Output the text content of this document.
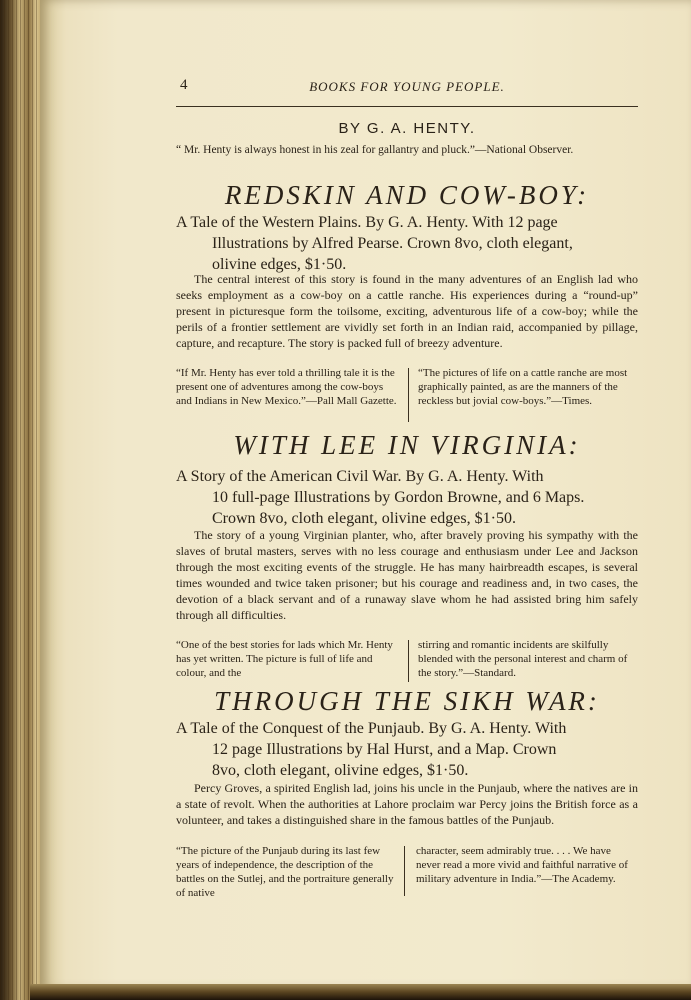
4	BOOKS FOR YOUNG PEOPLE.
BY G. A. HENTY.
“ Mr. Henty is always honest in his zeal for gallantry and pluck.”—National Observer.
REDSKIN AND COW-BOY:
A Tale of the Western Plains. By G. A. Henty. With 12 page
Illustrations by Alfred Pearse. Crown 8vo, cloth elegant,
olivine edges, $1·50.
The central interest of this story is found in the many adventures of an English lad who seeks employment as a cow-boy on a cattle ranche. His experiences during a “round-up” present in picturesque form the toilsome, exciting, adventurous life of a cow-boy; while the perils of a frontier settlement are vividly set forth in an Indian raid, accompanied by pillage, capture, and recapture. The story is packed full of breezy adventure.
“If Mr. Henty has ever told a thrilling tale it is the present one of adventures among the cow-boys and Indians in New Mexico.”—Pall Mall Gazette.
“The pictures of life on a cattle ranche are most graphically painted, as are the manners of the reckless but jovial cow-boys.”—Times.
WITH LEE IN VIRGINIA:
A Story of the American Civil War. By G. A. Henty. With
10 full-page Illustrations by Gordon Browne, and 6 Maps.
Crown 8vo, cloth elegant, olivine edges, $1·50.
The story of a young Virginian planter, who, after bravely proving his sympathy with the slaves of brutal masters, serves with no less courage and enthusiasm under Lee and Jackson through the most exciting events of the struggle. He has many hairbreadth escapes, is several times wounded and twice taken prisoner; but his courage and readiness and, in two cases, the devotion of a black servant and of a runaway slave whom he had assisted bring him safely through all difficulties.
“One of the best stories for lads which Mr. Henty has yet written. The picture is full of life and colour, and the
stirring and romantic incidents are skilfully blended with the personal interest and charm of the story.”—Standard.
THROUGH THE SIKH WAR:
A Tale of the Conquest of the Punjaub. By G. A. Henty. With
12 page Illustrations by Hal Hurst, and a Map. Crown
8vo, cloth elegant, olivine edges, $1·50.
Percy Groves, a spirited English lad, joins his uncle in the Punjaub, where the natives are in a state of revolt. When the authorities at Lahore proclaim war Percy joins the British force as a volunteer, and takes a distinguished share in the famous battles of the Punjaub.
“The picture of the Punjaub during its last few years of independence, the description of the battles on the Sutlej, and the portraiture generally of native
character, seem admirably true. . . . We have never read a more vivid and faithful narrative of military adventure in India.”—The Academy.
